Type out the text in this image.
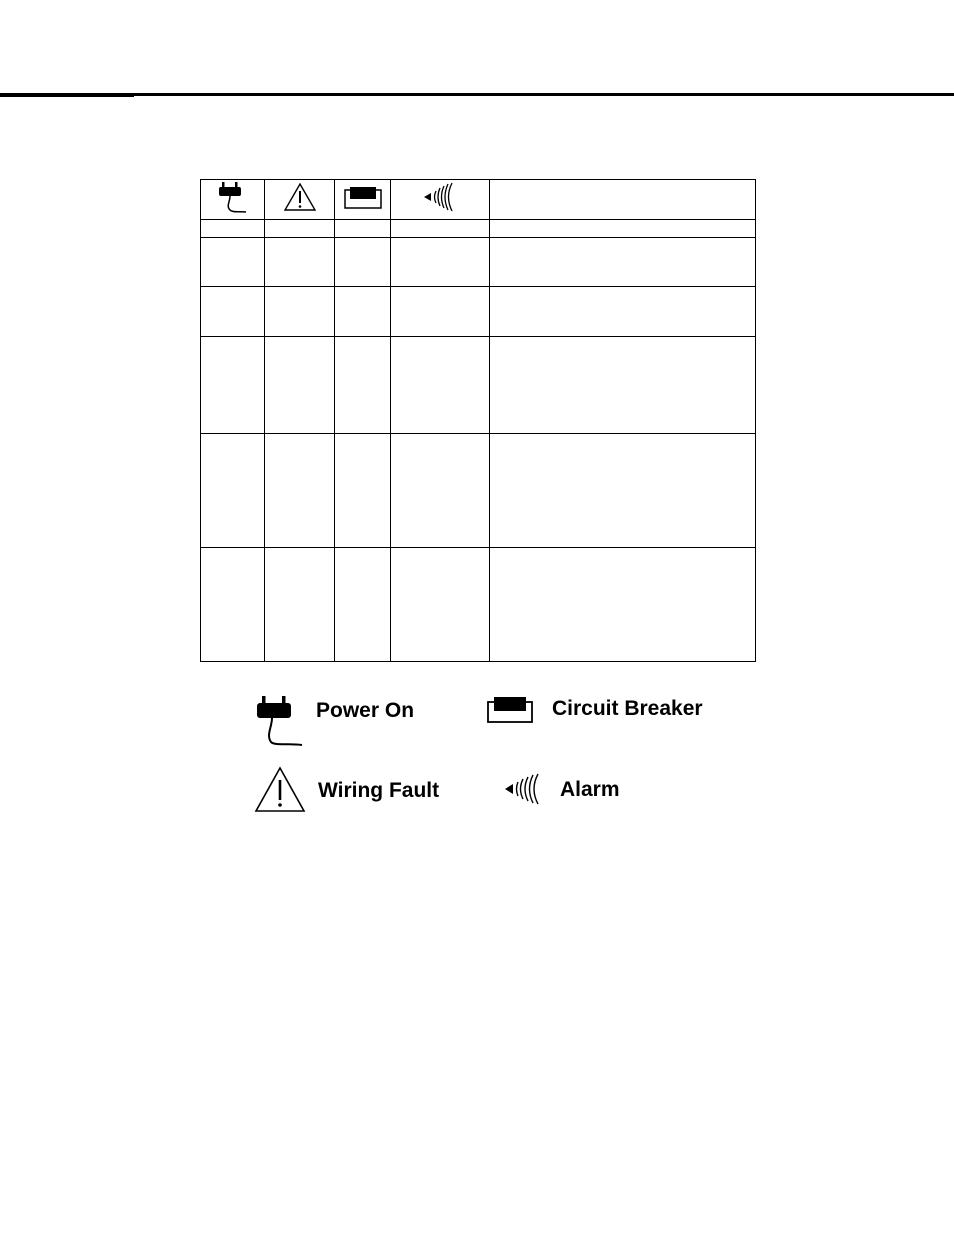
Power On	Circuit Breaker
Wiring Fault	Alarm
